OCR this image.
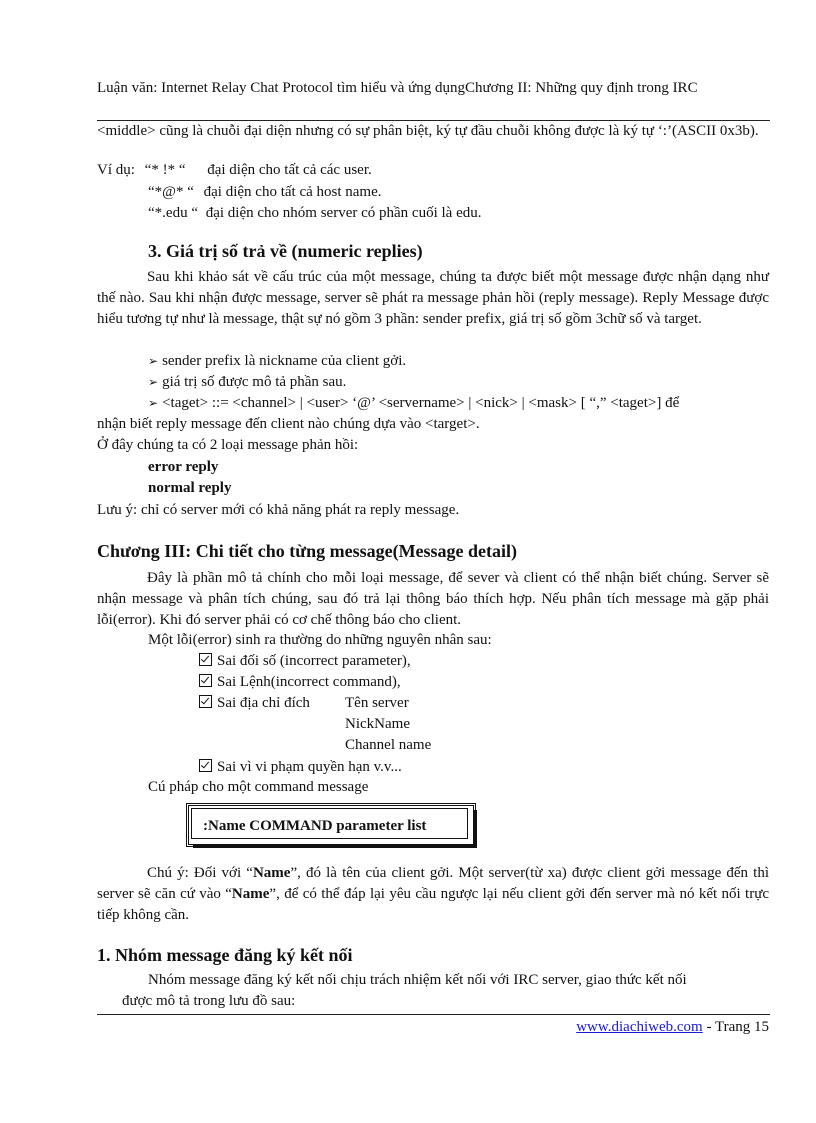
Luận văn: Internet Relay Chat Protocol tìm hiểu và ứng dụngChương II: Những quy định trong IRC
<middle> cũng là chuỗi đại diện nhưng có sự phân biệt, ký tự đầu chuỗi không được là ký tự ‘:’(ASCII 0x3b).
Ví dụ: “* !* “ đại diện cho tất cả các user.
“*@* “ đại diện cho tất cả host name.
“*.edu “ đại diện cho nhóm server có phần cuối là edu.
3. Giá trị số trả về (numeric replies)
Sau khi khảo sát về cấu trúc của một message, chúng ta được biết một message được nhận dạng như thế nào. Sau khi nhận được message, server sẽ phát ra message phản hồi (reply message). Reply Message được hiểu tương tự như là message, thật sự nó gồm 3 phần: sender prefix, giá trị số gồm 3chữ số và target.
➢ sender prefix là nickname của client gởi.
➢ giá trị số được mô tả phần sau.
➢ <taget> ::= <channel> | <user> ‘@’ <servername> | <nick> | <mask> [ “,” <taget>] để
nhận biết reply message đến client nào chúng dựa vào <target>.
Ở đây chúng ta có 2 loại message phản hồi:
error reply
normal reply
Lưu ý: chỉ có server mới có khả năng phát ra reply message.
Chương III: Chi tiết cho từng message(Message detail)
Đây là phần mô tả chính cho mỗi loại message, để sever và client có thể nhận biết chúng. Server sẽ nhận message và phân tích chúng, sau đó trả lại thông báo thích hợp. Nếu phân tích message mà gặp phải lỗi(error). Khi đó server phải có cơ chế thông báo cho client.
Một lỗi(error) sinh ra thường do những nguyên nhân sau:
Sai đối số (incorrect parameter),
Sai Lệnh(incorrect command),
Sai địa chỉ đích Tên server
NickName
Channel name
Sai vì vi phạm quyền hạn v.v...
Cú pháp cho một command message
:Name COMMAND parameter list
Chú ý: Đối với “Name”, đó là tên của client gởi. Một server(từ xa) được client gởi message đến thì server sẽ căn cứ vào “Name”, để có thể đáp lại yêu cầu ngược lại nếu client gởi đến server mà nó kết nối trực tiếp không cần.
1. Nhóm message đăng ký kết nối
Nhóm message đăng ký kết nối chịu trách nhiệm kết nối với IRC server, giao thức kết nối
được mô tả trong lưu đồ sau:
www.diachiweb.com - Trang 15
